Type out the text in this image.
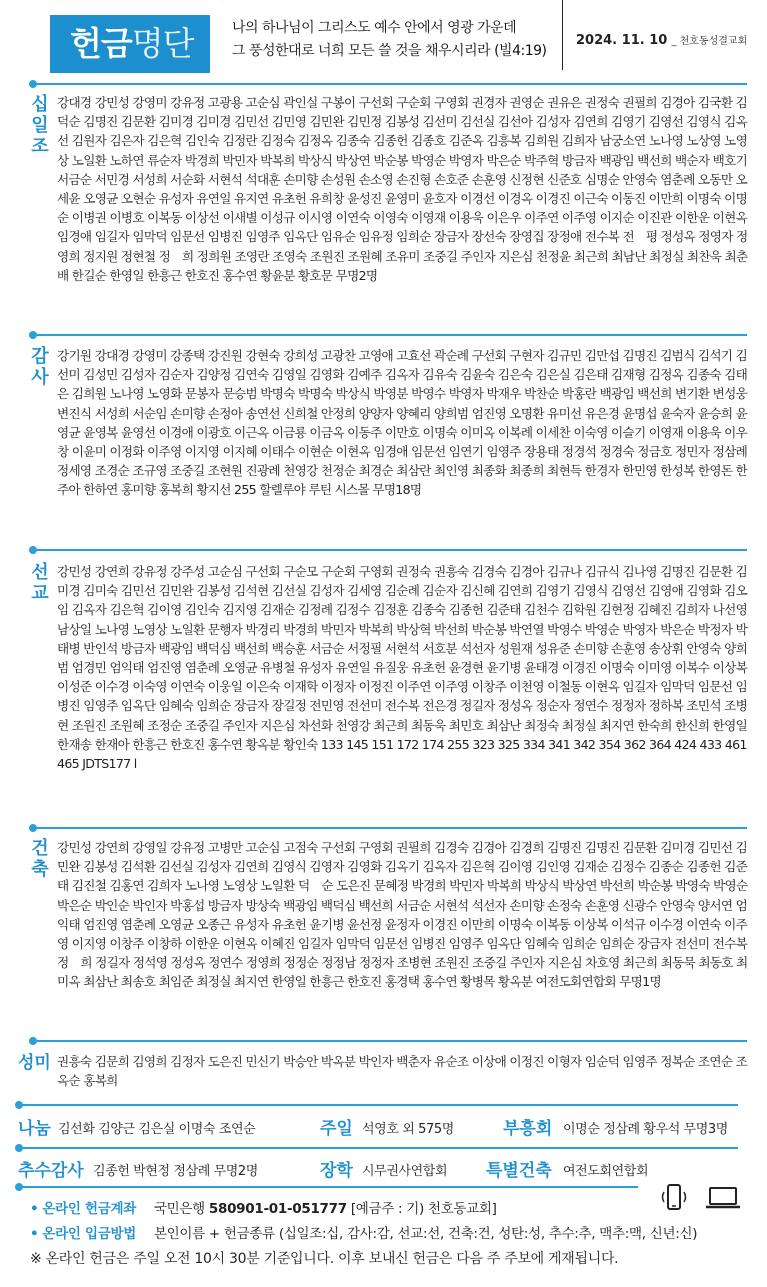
헌금명단	나의 하나님이 그리스도 예수 안에서 영광 가운데
그 풍성한대로 너희 모든 쓸 것을 채우시리라 (빌4:19)
2024. 11. 10 _ 천호동성결교회
십일조
강대경 강민성 강영미 강유정 고광용 고순심 곽인실 구봉이 구선회 구순회 구영회 권경자 권영순 권유은 권정숙 권필희 김경아 김국환 김덕순 김명진 김문환 김미경 김미경 김민선 김민영 김민완 김민정 김봉성 김선미 김선실 김선아 김성자 김연희 김영기 김영선 김영식 김옥선 김원자 김은자 김은혁 김인숙 김정란 김정숙 김정옥 김종숙 김종헌 김종호 김준옥 김흥복 김희원 김희자 남궁소연 노나영 노상영 노영상 노일환 노하연 류순자 박경희 박민자 박복희 박상식 박상연 박순봉 박영순 박영자 박은순 박주혁 방금자 백광임 백선희 백순자 백호기 서금순 서민경 서성희 서순화 서현석 석대훈 손미향 손성원 손소영 손진형 손호준 손훈영 신정현 신준호 심명순 안영숙 염춘례 오동만 오세윤 오영균 오현순 유성자 유연일 유지연 유초헌 유희창 윤성진 윤영미 윤호자 이경선 이경옥 이경진 이근숙 이동진 이만희 이명숙 이명순 이병권 이병호 이복동 이상선 이새별 이성규 이시영 이연숙 이영숙 이영재 이용욱 이은우 이주연 이주영 이지순 이진관 이한운 이현옥 임경애 임길자 임막덕 임문선 임병진 임영주 임옥단 임유순 임유정 임희순 장금자 장선숙 장영집 장정애 전수복 전　평 정성옥 정영자 정영희 정지원 정현철 정　희 정희원 조영란 조영숙 조원진 조원혜 조유미 조중길 주인자 지은심 천정윤 최근희 최남난 최정실 최찬욱 최춘배 한길순 한영일 한흥근 한호진 홍수연 황윤분 황호문 무명2명
감사
강기원 강대경 강영미 강종택 강진원 강현숙 강희성 고광찬 고영애 고효선 곽순례 구선회 구현자 김규민 김만섭 김명진 김범식 김석기 김선미 김성민 김성자 김순자 김양정 김연숙 김영일 김영화 김예주 김옥자 김유숙 김윤숙 김은숙 김은실 김은태 김재형 김정옥 김종숙 김태은 김희원 노나영 노영화 문봉자 문승범 박명숙 박명숙 박상식 박영분 박영수 박영자 박재우 박찬순 박홍란 백광임 백선희 변기환 변성웅 변진식 서성희 서순임 손미향 손정아 송연선 신희철 안정희 양양자 양혜리 양희범 엄진영 오명환 유미선 유은경 윤명섭 윤숙자 윤승희 윤영균 윤영복 윤영선 이경애 이광호 이근옥 이금룡 이금옥 이동주 이만호 이명숙 이미옥 이복례 이세찬 이숙영 이슬기 이영재 이용욱 이우창 이윤미 이정화 이주영 이지영 이지혜 이태수 이현순 이현옥 임경애 임문선 임연기 임영주 장용태 정경석 정경숙 정금호 정민자 정삼례 정세영 조경순 조규영 조중길 조현원 진광례 천영강 천정순 최경순 최삼란 최인영 최종화 최종희 최현득 한경자 한민영 한성복 한영돈 한주아 한하연 홍미향 홍복희 황지선 255 할렐루야 루틴 시스몰 무명18명
선교
강민성 강연희 강유정 강주성 고순심 구선회 구순모 구순회 구영회 권정숙 권흥숙 김경숙 김경아 김규나 김규식 김나영 김명진 김문환 김미경 김미숙 김민선 김민완 김봉성 김석현 김선실 김성자 김세영 김순례 김순자 김신혜 김연희 김영기 김영식 김영선 김영애 김영화 김오임 김옥자 김은혁 김이영 김인숙 김지영 김재순 김정례 김정수 김정훈 김종숙 김종헌 김준태 김천수 김학원 김현정 김혜진 김희자 나선영 남상일 노나영 노영상 노일환 문행자 박경리 박경희 박민자 박복희 박상혁 박선희 박순봉 박연열 박영수 박영순 박영자 박은순 박정자 박태병 반인석 방금자 백광임 백덕심 백선희 백승훈 서금순 서정필 서현석 서호분 석선자 성원재 성유준 손미향 손훈영 송상휘 안영숙 양희범 엄경민 엄익태 엄진영 염춘례 오영균 유병철 유성자 유연일 유질웅 유초헌 윤경현 윤기병 윤태경 이경진 이명숙 이미영 이복수 이상복 이성준 이수경 이숙영 이연숙 이웅일 이은숙 이재학 이정자 이정진 이주연 이주영 이창주 이천영 이철동 이현옥 임길자 임막덕 임문선 임병진 임영주 임옥단 임혜숙 임희순 장금자 장길정 전민영 전선미 전수복 전은경 정길자 정성옥 정순자 정연수 정정자 정하복 조민석 조병현 조원진 조원혜 조정순 조중길 주인자 지은심 차선화 천영강 최근희 최동욱 최민호 최삼난 최정숙 최정실 최지연 한숙희 한신희 한영일 한재송 한재아 한흥근 한호진 홍수연 황옥분 황인숙 133 145 151 172 174 255 323 325 334 341 342 354 362 364 424 433 461 465 JDTS177 l
건축
강민성 강연희 강영일 강유정 고병만 고순심 고점숙 구선회 구영회 권필희 김경숙 김경아 김경희 김명진 김명진 김문환 김미경 김민선 김민완 김봉성 김석환 김선실 김성자 김연희 김영식 김영자 김영화 김옥기 김옥자 김은혁 김이영 김인영 김재순 김정수 김종순 김종헌 김준태 김진철 김홍연 김희자 노나영 노영상 노일환 덕　순 도은진 문혜정 박경희 박민자 박복희 박상식 박상연 박선희 박순봉 박영숙 박영순 박은순 박인순 박인자 박홍섭 방금자 방상숙 백광임 백덕심 백선희 서금순 서현석 석선자 손미향 손정숙 손훈영 신광수 안영숙 양서연 엄익태 엄진영 염춘례 오영균 오종근 유성자 유초헌 윤기병 윤선정 윤정자 이경진 이만희 이명숙 이복동 이상복 이석규 이수경 이연숙 이주영 이지영 이창주 이창하 이한운 이현옥 이혜진 임길자 임막덕 임문선 임병진 임영주 임옥단 임혜숙 임희순 임희순 장금자 전선미 전수복 정　희 정길자 정석영 정성옥 정연수 정영희 정정순 정정남 정정자 조병현 조원진 조중길 주인자 지은심 차호영 최근희 최동묵 최동호 최미옥 최삼난 최송호 최임준 최정실 최지연 한영일 한흥근 한호진 홍경택 홍수연 황병목 황옥분 여전도회연합회 무명1명
성미 권흥숙 김문희 김영희 김정자 도은진 민신기 박승안 박옥분 박인자 백춘자 유순조 이상애 이정진 이형자 임순덕 임영주 정복순 조연순 조옥순 홍복희
나눔 김선화 김양근 김은실 이명숙 조연순	주일 석영호 외 575명	부흥회 이명순 정삼례 황우석 무명3명
추수감사 김종헌 박현정 정삼례 무명2명	장학 시무권사연합회 특별건축 여전도회연합회
• 온라인 헌금계좌 국민은행 580901-01-051777 [예금주 : 기) 천호동교회]
• 온라인 입금방법 본인이름 + 헌금종류 (십일조:십, 감사:감, 선교:선, 건축:건, 성탄:성, 추수:추, 맥추:맥, 신년:신)
※ 온라인 헌금은 주일 오전 10시 30분 기준입니다. 이후 보내신 헌금은 다음 주 주보에 게재됩니다.
